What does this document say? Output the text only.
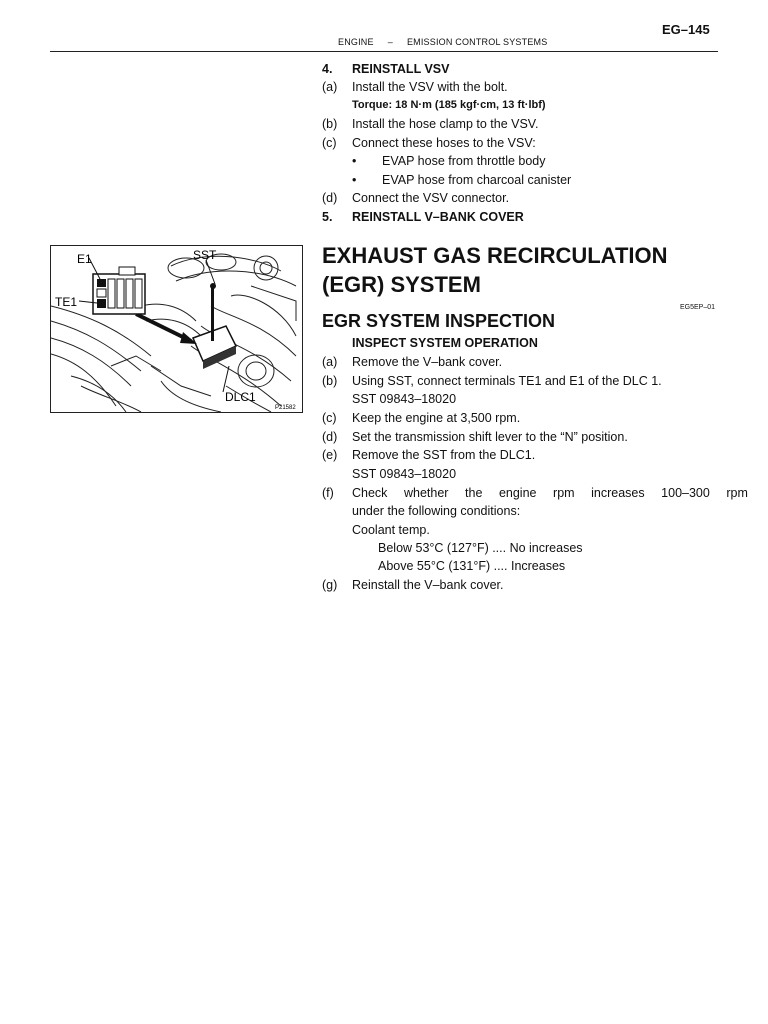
EG–145
ENGINE – EMISSION CONTROL SYSTEMS
4. REINSTALL VSV
(a) Install the VSV with the bolt.
Torque: 18 N·m (185 kgf·cm, 13 ft·lbf)
(b) Install the hose clamp to the VSV.
(c) Connect these hoses to the VSV:
• EVAP hose from throttle body
• EVAP hose from charcoal canister
(d) Connect the VSV connector.
5. REINSTALL V–BANK COVER
EXHAUST GAS RECIRCULATION
(EGR) SYSTEM
EG5EP–01
EGR SYSTEM INSPECTION
INSPECT SYSTEM OPERATION
(a) Remove the V–bank cover.
(b) Using SST, connect terminals TE1 and E1 of the DLC 1.
SST 09843–18020
(c) Keep the engine at 3,500 rpm.
(d) Set the transmission shift lever to the “N” position.
(e) Remove the SST from the DLC1.
SST 09843–18020
(f) Check whether the engine rpm increases 100–300 rpm
under the following conditions:
Coolant temp.
Below 53°C (127°F) .... No increases
Above 55°C (131°F) .... Increases
(g) Reinstall the V–bank cover.
E1	SST
TE1
DLC1
P21582
